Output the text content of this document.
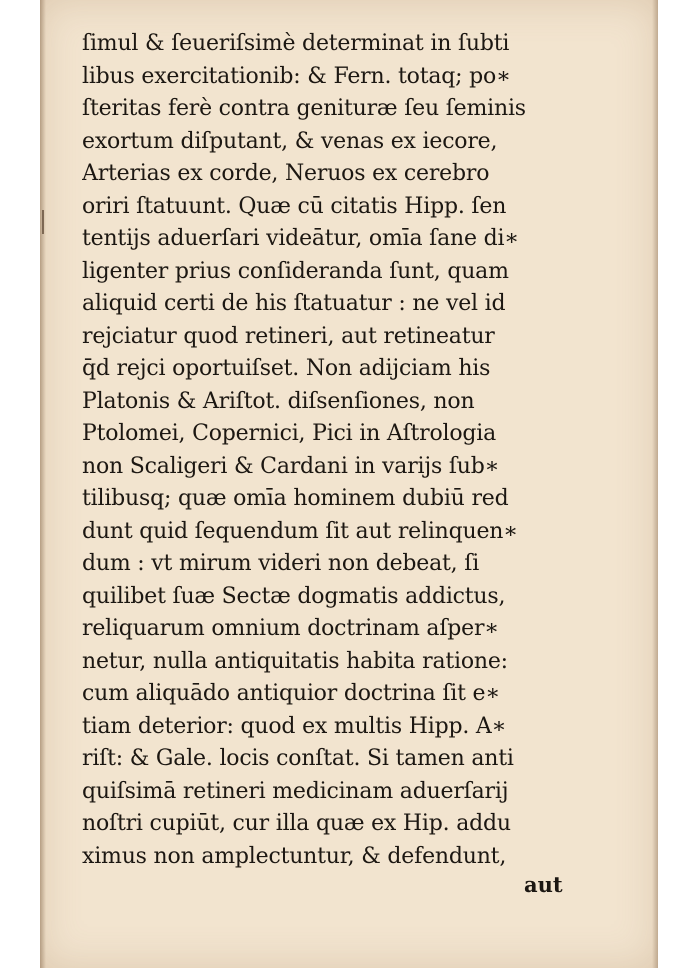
ſimul & ſeueriſsimè determinat in ſubti
libus exercitationib: & Fern. totaq; po∗
ſteritas ferè contra genituræ ſeu ſeminis
exortum diſputant, & venas ex iecore,
Arterias ex corde, Neruos ex cerebro
oriri ſtatuunt. Quæ cū citatis Hipp. ſen
tentijs aduerſari videātur, omīa ſane di∗
ligenter prius conſideranda ſunt, quam
aliquid certi de his ſtatuatur : ne vel id
rejciatur quod retineri, aut retineatur
q̄d rejci oportuiſset. Non adijciam his
Platonis & Ariſtot. diſsenſiones, non
Ptolomei, Copernici, Pici in Aſtrologia
non Scaligeri & Cardani in varijs ſub∗
tilibusq; quæ omīa hominem dubiū red
dunt quid ſequendum ſit aut relinquen∗
dum : vt mirum videri non debeat, ſi
quilibet ſuæ Sectæ dogmatis addictus,
reliquarum omnium doctrinam aſper∗
netur, nulla antiquitatis habita ratione:
cum aliquādo antiquior doctrina ſit e∗
tiam deterior: quod ex multis Hipp. A∗
riſt: & Gale. locis conſtat. Si tamen anti
quiſsimā retineri medicinam aduerſarij
noſtri cupiūt, cur illa quæ ex Hip. addu
ximus non amplectuntur, & defendunt,
aut
